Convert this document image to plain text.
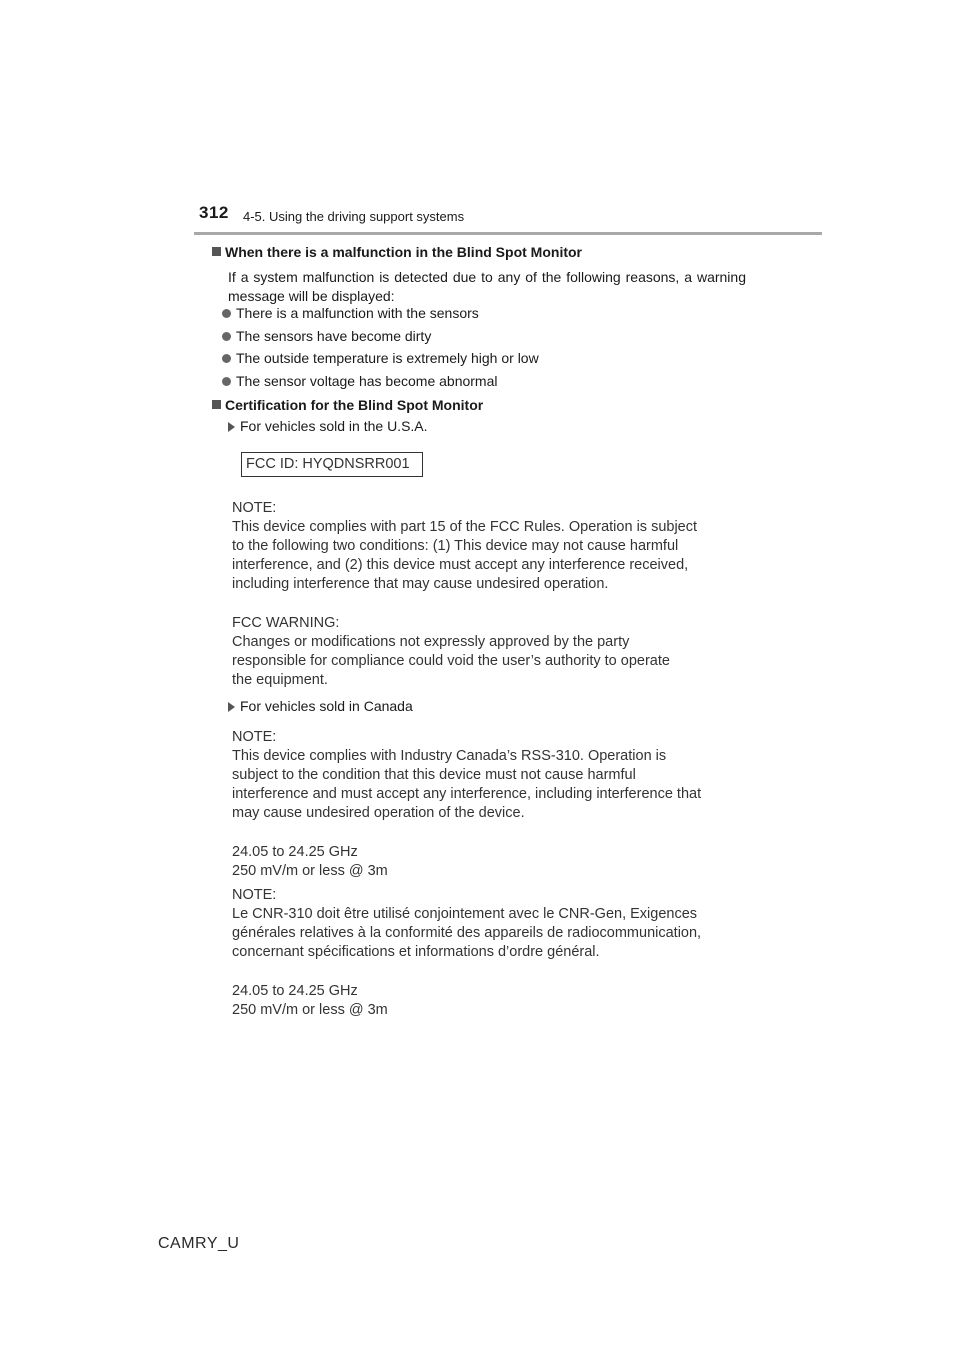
312 4-5. Using the driving support systems
When there is a malfunction in the Blind Spot Monitor
If a system malfunction is detected due to any of the following reasons, a warning message will be displayed:
There is a malfunction with the sensors
The sensors have become dirty
The outside temperature is extremely high or low
The sensor voltage has become abnormal
Certification for the Blind Spot Monitor
For vehicles sold in the U.S.A.
FCC ID: HYQDNSRR001
NOTE:
This device complies with part 15 of the FCC Rules. Operation is subject
to the following two conditions: (1) This device may not cause harmful
interference, and (2) this device must accept any interference received,
including interference that may cause undesired operation.
FCC WARNING:
Changes or modifications not expressly approved by the party
responsible for compliance could void the user’s authority to operate
the equipment.
For vehicles sold in Canada
NOTE:
This device complies with Industry Canada’s RSS-310. Operation is
subject to the condition that this device must not cause harmful
interference and must accept any interference, including interference that
may cause undesired operation of the device.
24.05 to 24.25 GHz
250 mV/m or less @ 3m
NOTE:
Le CNR-310 doit être utilisé conjointement avec le CNR-Gen, Exigences
générales relatives à la conformité des appareils de radiocommunication,
concernant spécifications et informations d’ordre général.
24.05 to 24.25 GHz
250 mV/m or less @ 3m
CAMRY_U
